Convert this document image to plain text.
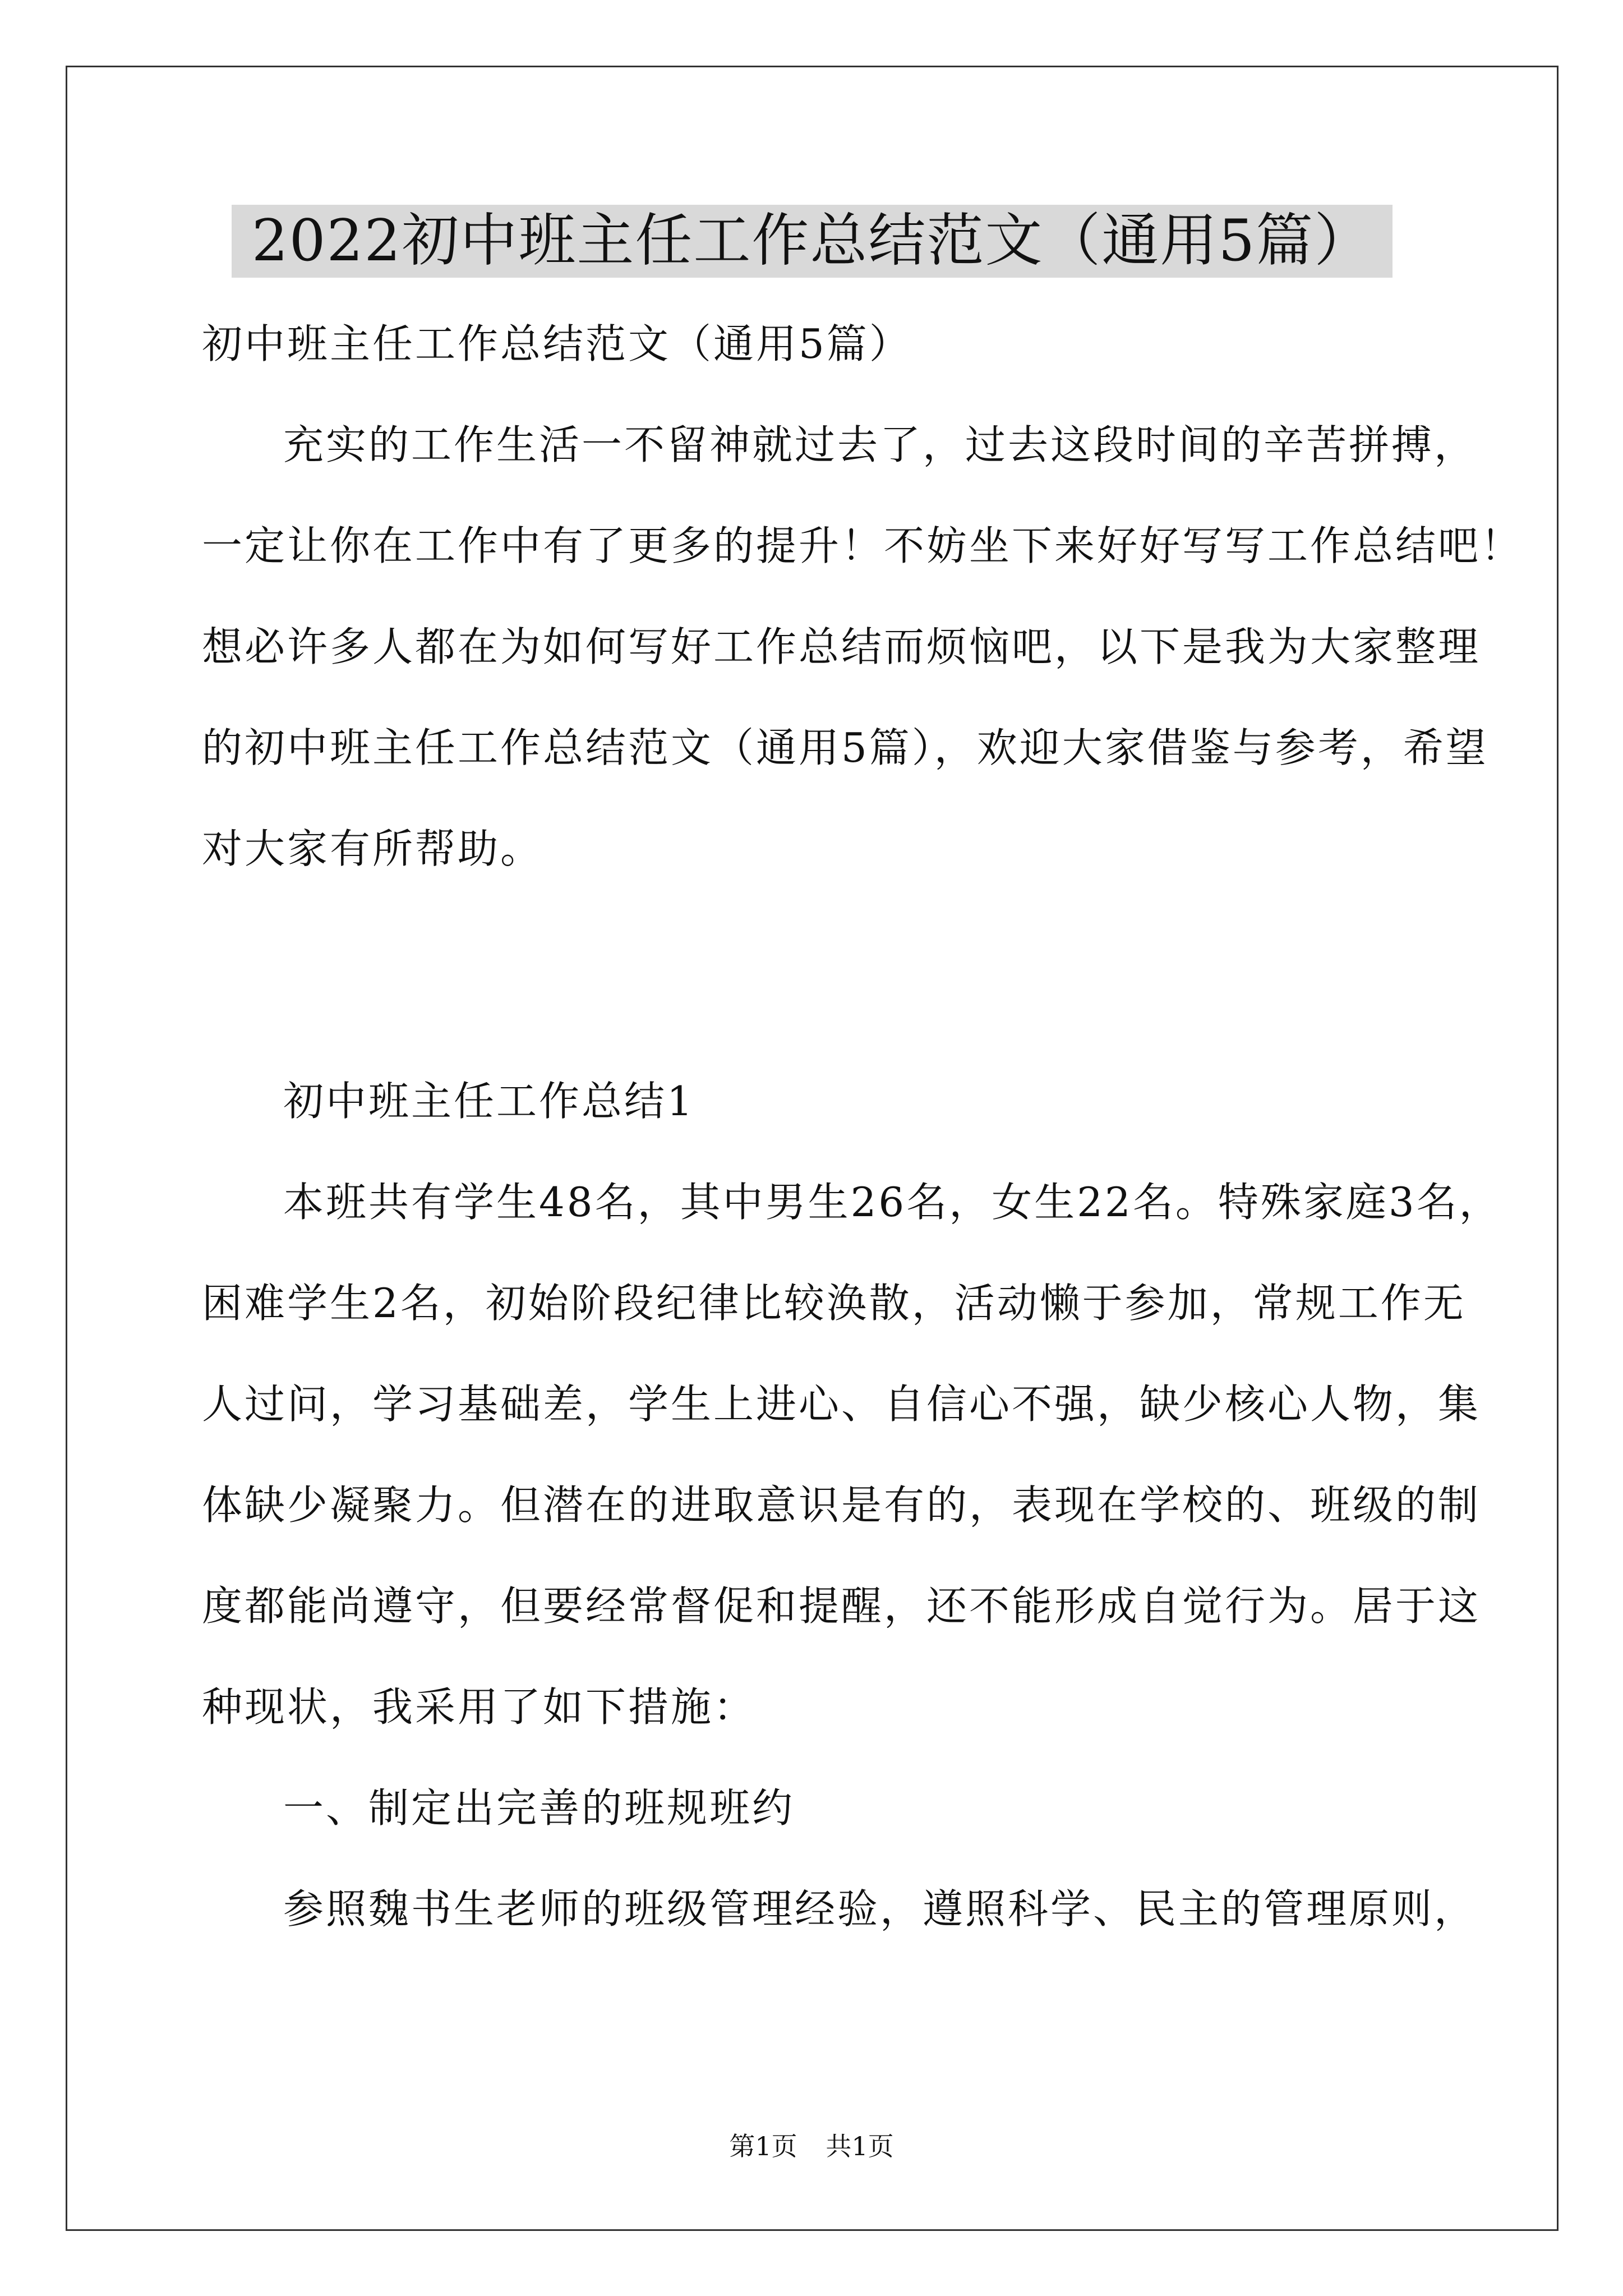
2022初中班主任工作总结范文（通用5篇）
初中班主任工作总结范文（通用5篇）
充实的工作生活一不留神就过去了，过去这段时间的辛苦拼搏，
一定让你在工作中有了更多的提升！不妨坐下来好好写写工作总结吧！
想必许多人都在为如何写好工作总结而烦恼吧，以下是我为大家整理
的初中班主任工作总结范文（通用5篇），欢迎大家借鉴与参考，希望
对大家有所帮助。
初中班主任工作总结1
本班共有学生48名，其中男生26名，女生22名。特殊家庭3名，
困难学生2名，初始阶段纪律比较涣散，活动懒于参加，常规工作无
人过问，学习基础差，学生上进心、自信心不强，缺少核心人物，集
体缺少凝聚力。但潜在的进取意识是有的，表现在学校的、班级的制
度都能尚遵守，但要经常督促和提醒，还不能形成自觉行为。居于这
种现状，我采用了如下措施：
一、制定出完善的班规班约
参照魏书生老师的班级管理经验，遵照科学、民主的管理原则，
第1页 共1页
